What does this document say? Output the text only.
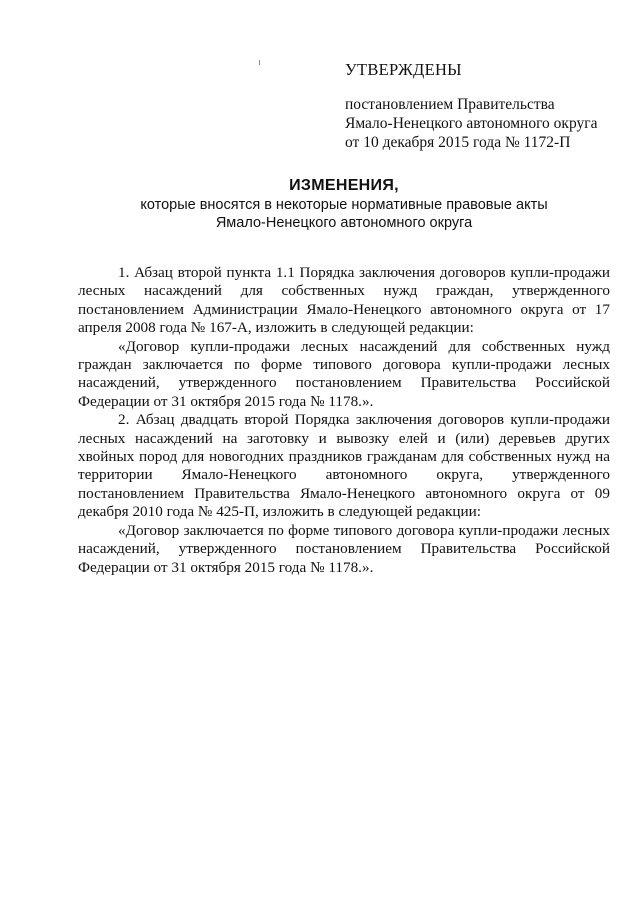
УТВЕРЖДЕНЫ
постановлением Правительства
Ямало-Ненецкого автономного округа
от 10 декабря 2015 года № 1172-П
ИЗМЕНЕНИЯ,
которые вносятся в некоторые нормативные правовые акты
Ямало-Ненецкого автономного округа

1. Абзац второй пункта 1.1 Порядка заключения договоров купли-продажи лесных насаждений для собственных нужд граждан, утвержденного постановлением Администрации Ямало-Ненецкого автономного округа от 17 апреля 2008 года № 167-А, изложить в следующей редакции:

«Договор купли-продажи лесных насаждений для собственных нужд граждан заключается по форме типового договора купли-продажи лесных насаждений, утвержденного постановлением Правительства Российской Федерации от 31 октября 2015 года № 1178.».

2. Абзац двадцать второй Порядка заключения договоров купли-продажи лесных насаждений на заготовку и вывозку елей и (или) деревьев других хвойных пород для новогодних праздников гражданам для собственных нужд на территории Ямало-Ненецкого автономного округа, утвержденного постановлением Правительства Ямало-Ненецкого автономного округа от 09 декабря 2010 года № 425-П, изложить в следующей редакции:

«Договор заключается по форме типового договора купли-продажи лесных насаждений, утвержденного постановлением Правительства Российской Федерации от 31 октября 2015 года № 1178.».
